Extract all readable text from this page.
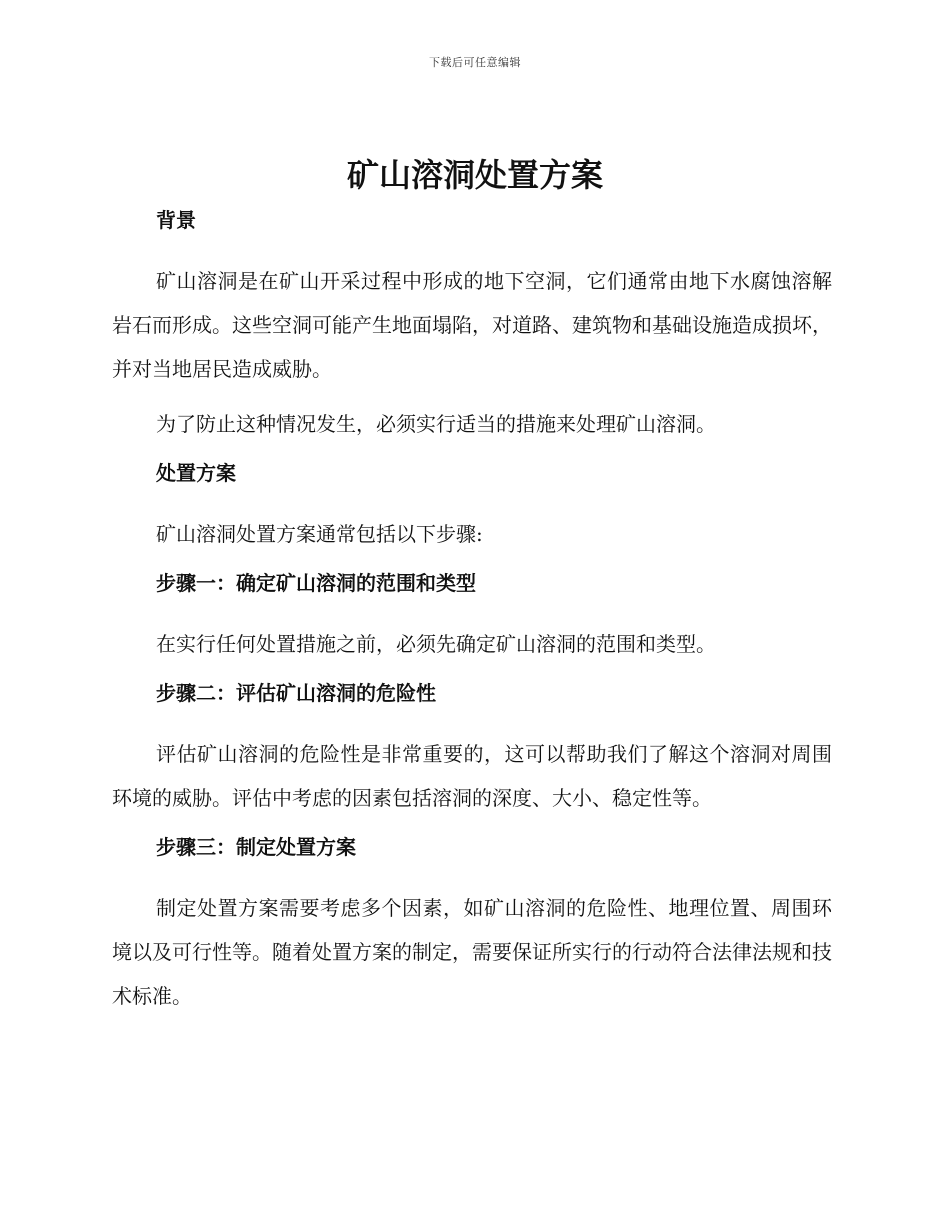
下载后可任意编辑
矿山溶洞处置方案
背景

矿山溶洞是在矿山开采过程中形成的地下空洞，它们通常由地下水腐蚀溶解岩石而形成。这些空洞可能产生地面塌陷，对道路、建筑物和基础设施造成损坏，并对当地居民造成威胁。

为了防止这种情况发生，必须实行适当的措施来处理矿山溶洞。

处置方案

矿山溶洞处置方案通常包括以下步骤:

步骤一：确定矿山溶洞的范围和类型

在实行任何处置措施之前，必须先确定矿山溶洞的范围和类型。

步骤二：评估矿山溶洞的危险性

评估矿山溶洞的危险性是非常重要的，这可以帮助我们了解这个溶洞对周围环境的威胁。评估中考虑的因素包括溶洞的深度、大小、稳定性等。

步骤三：制定处置方案

制定处置方案需要考虑多个因素，如矿山溶洞的危险性、地理位置、周围环境以及可行性等。随着处置方案的制定，需要保证所实行的行动符合法律法规和技术标准。
